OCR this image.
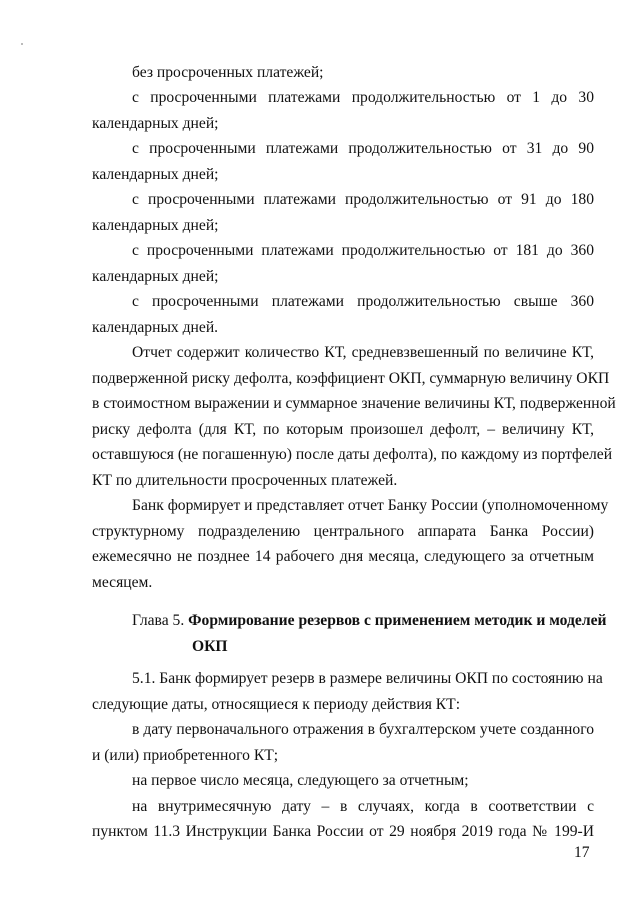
без просроченных платежей;
с просроченными платежами продолжительностью от 1 до 30
календарных дней;
с просроченными платежами продолжительностью от 31 до 90
календарных дней;
с просроченными платежами продолжительностью от 91 до 180
календарных дней;
с просроченными платежами продолжительностью от 181 до 360
календарных дней;
с просроченными платежами продолжительностью свыше 360
календарных дней.
Отчет содержит количество КТ, средневзвешенный по величине КТ,
подверженной риску дефолта, коэффициент ОКП, суммарную величину ОКП
в стоимостном выражении и суммарное значение величины КТ, подверженной
риску дефолта (для КТ, по которым произошел дефолт, – величину КТ,
оставшуюся (не погашенную) после даты дефолта), по каждому из портфелей
КТ по длительности просроченных платежей.
Банк формирует и представляет отчет Банку России (уполномоченному
структурному подразделению центрального аппарата Банка России)
ежемесячно не позднее 14 рабочего дня месяца, следующего за отчетным
месяцем.
Глава 5. Формирование резервов с применением методик и моделей
ОКП
5.1. Банк формирует резерв в размере величины ОКП по состоянию на
следующие даты, относящиеся к периоду действия КТ:
в дату первоначального отражения в бухгалтерском учете созданного
и (или) приобретенного КТ;
на первое число месяца, следующего за отчетным;
на внутримесячную дату – в случаях, когда в соответствии с
пунктом 11.3 Инструкции Банка России от 29 ноября 2019 года № 199-И
17
